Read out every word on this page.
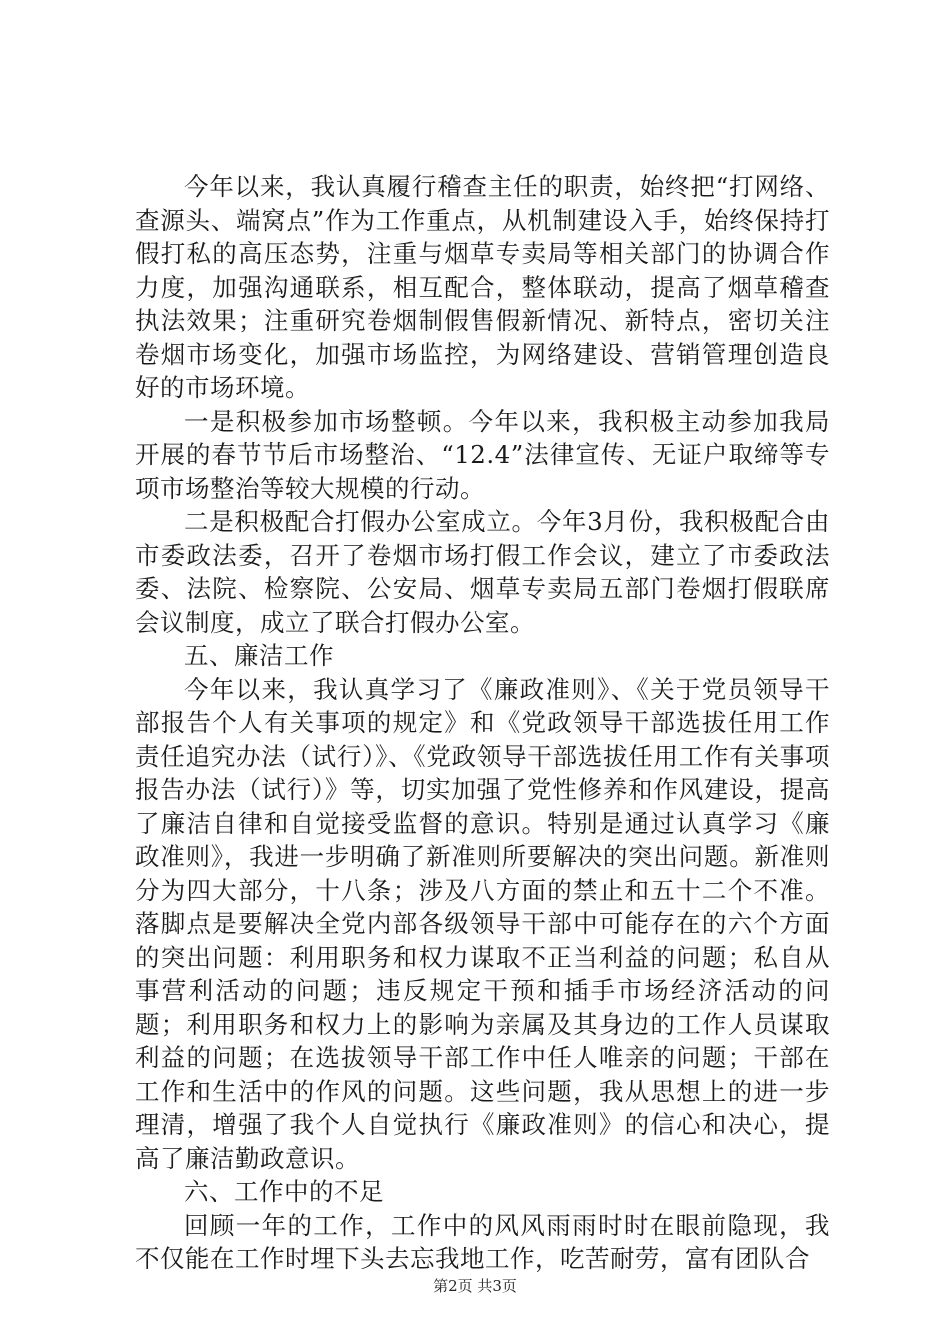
今年以来，我认真履行稽查主任的职责，始终把“打网络、查源头、端窝点”作为工作重点，从机制建设入手，始终保持打假打私的高压态势，注重与烟草专卖局等相关部门的协调合作力度，加强沟通联系，相互配合，整体联动，提高了烟草稽查执法效果；注重研究卷烟制假售假新情况、新特点，密切关注卷烟市场变化，加强市场监控，为网络建设、营销管理创造良好的市场环境。

一是积极参加市场整顿。今年以来，我积极主动参加我局开展的春节节后市场整治、“12.4”法律宣传、无证户取缔等专项市场整治等较大规模的行动。

二是积极配合打假办公室成立。今年3月份，我积极配合由市委政法委，召开了卷烟市场打假工作会议，建立了市委政法委、法院、检察院、公安局、烟草专卖局五部门卷烟打假联席会议制度，成立了联合打假办公室。

五、廉洁工作

今年以来，我认真学习了《廉政准则》、《关于党员领导干部报告个人有关事项的规定》和《党政领导干部选拔任用工作责任追究办法（试行）》、《党政领导干部选拔任用工作有关事项报告办法（试行）》等，切实加强了党性修养和作风建设，提高了廉洁自律和自觉接受监督的意识。特别是通过认真学习《廉政准则》，我进一步明确了新准则所要解决的突出问题。新准则分为四大部分，十八条；涉及八方面的禁止和五十二个不准。落脚点是要解决全党内部各级领导干部中可能存在的六个方面的突出问题：利用职务和权力谋取不正当利益的问题；私自从事营利活动的问题；违反规定干预和插手市场经济活动的问题；利用职务和权力上的影响为亲属及其身边的工作人员谋取利益的问题；在选拔领导干部工作中任人唯亲的问题；干部在工作和生活中的作风的问题。这些问题，我从思想上的进一步理清，增强了我个人自觉执行《廉政准则》的信心和决心，提高了廉洁勤政意识。

六、工作中的不足

回顾一年的工作，工作中的风风雨雨时时在眼前隐现，我不仅能在工作时埋下头去忘我地工作，吃苦耐劳，富有团队合

第2页 共3页
